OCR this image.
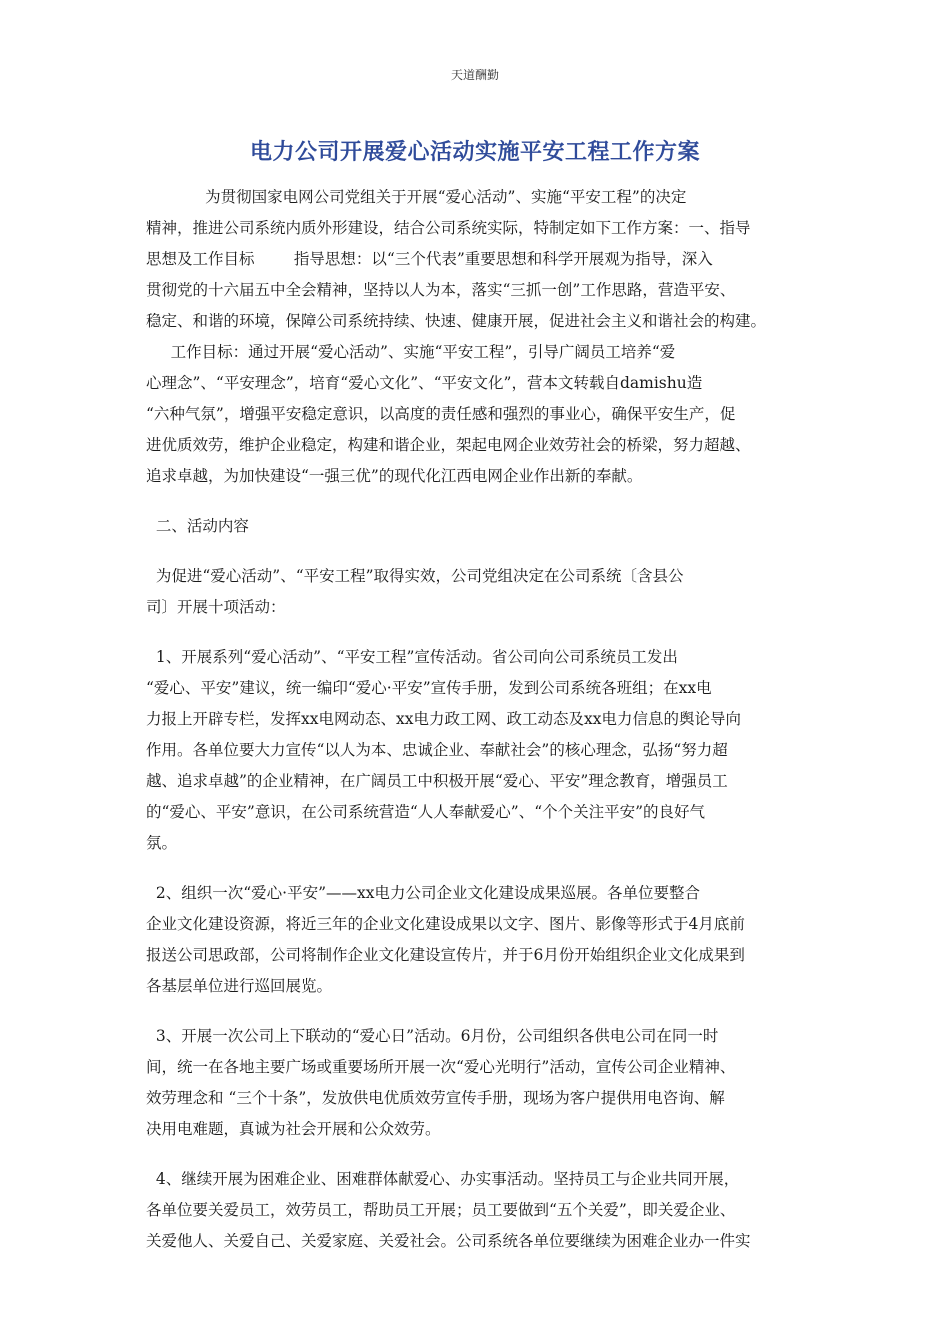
天道酬勤
电力公司开展爱心活动实施平安工程工作方案
为贯彻国家电网公司党组关于开展“爱心活动”、实施“平安工程”的决定
精神，推进公司系统内质外形建设，结合公司系统实际，特制定如下工作方案：一、指导
思想及工作目标        指导思想：以“三个代表”重要思想和科学开展观为指导，深入
贯彻党的十六届五中全会精神，坚持以人为本，落实“三抓一创”工作思路，营造平安、
稳定、和谐的环境，保障公司系统持续、快速、健康开展，促进社会主义和谐社会的构建。
工作目标：通过开展“爱心活动”、实施“平安工程”，引导广阔员工培养“爱
心理念”、“平安理念”，培育“爱心文化”、“平安文化”，营本文转载自damishu造
“六种气氛”，增强平安稳定意识，以高度的责任感和强烈的事业心，确保平安生产，促
进优质效劳，维护企业稳定，构建和谐企业，架起电网企业效劳社会的桥梁，努力超越、
追求卓越，为加快建设“一强三优”的现代化江西电网企业作出新的奉献。
二、活动内容
为促进“爱心活动”、“平安工程”取得实效，公司党组决定在公司系统〔含县公
司〕开展十项活动：
1、开展系列“爱心活动”、“平安工程”宣传活动。省公司向公司系统员工发出
“爱心、平安”建议，统一编印“爱心·平安”宣传手册，发到公司系统各班组；在xx电
力报上开辟专栏，发挥xx电网动态、xx电力政工网、政工动态及xx电力信息的舆论导向
作用。各单位要大力宣传“以人为本、忠诚企业、奉献社会”的核心理念，弘扬“努力超
越、追求卓越”的企业精神，在广阔员工中积极开展“爱心、平安”理念教育，增强员工
的“爱心、平安”意识，在公司系统营造“人人奉献爱心”、“个个关注平安”的良好气
氛。
2、组织一次“爱心·平安”——xx电力公司企业文化建设成果巡展。各单位要整合
企业文化建设资源，将近三年的企业文化建设成果以文字、图片、影像等形式于4月底前
报送公司思政部，公司将制作企业文化建设宣传片，并于6月份开始组织企业文化成果到
各基层单位进行巡回展览。
3、开展一次公司上下联动的“爱心日”活动。6月份，公司组织各供电公司在同一时
间，统一在各地主要广场或重要场所开展一次“爱心光明行”活动，宣传公司企业精神、
效劳理念和 “三个十条”，发放供电优质效劳宣传手册，现场为客户提供用电咨询、解
决用电难题，真诚为社会开展和公众效劳。
4、继续开展为困难企业、困难群体献爱心、办实事活动。坚持员工与企业共同开展，
各单位要关爱员工，效劳员工，帮助员工开展；员工要做到“五个关爱”，即关爱企业、
关爱他人、关爱自己、关爱家庭、关爱社会。公司系统各单位要继续为困难企业办一件实
